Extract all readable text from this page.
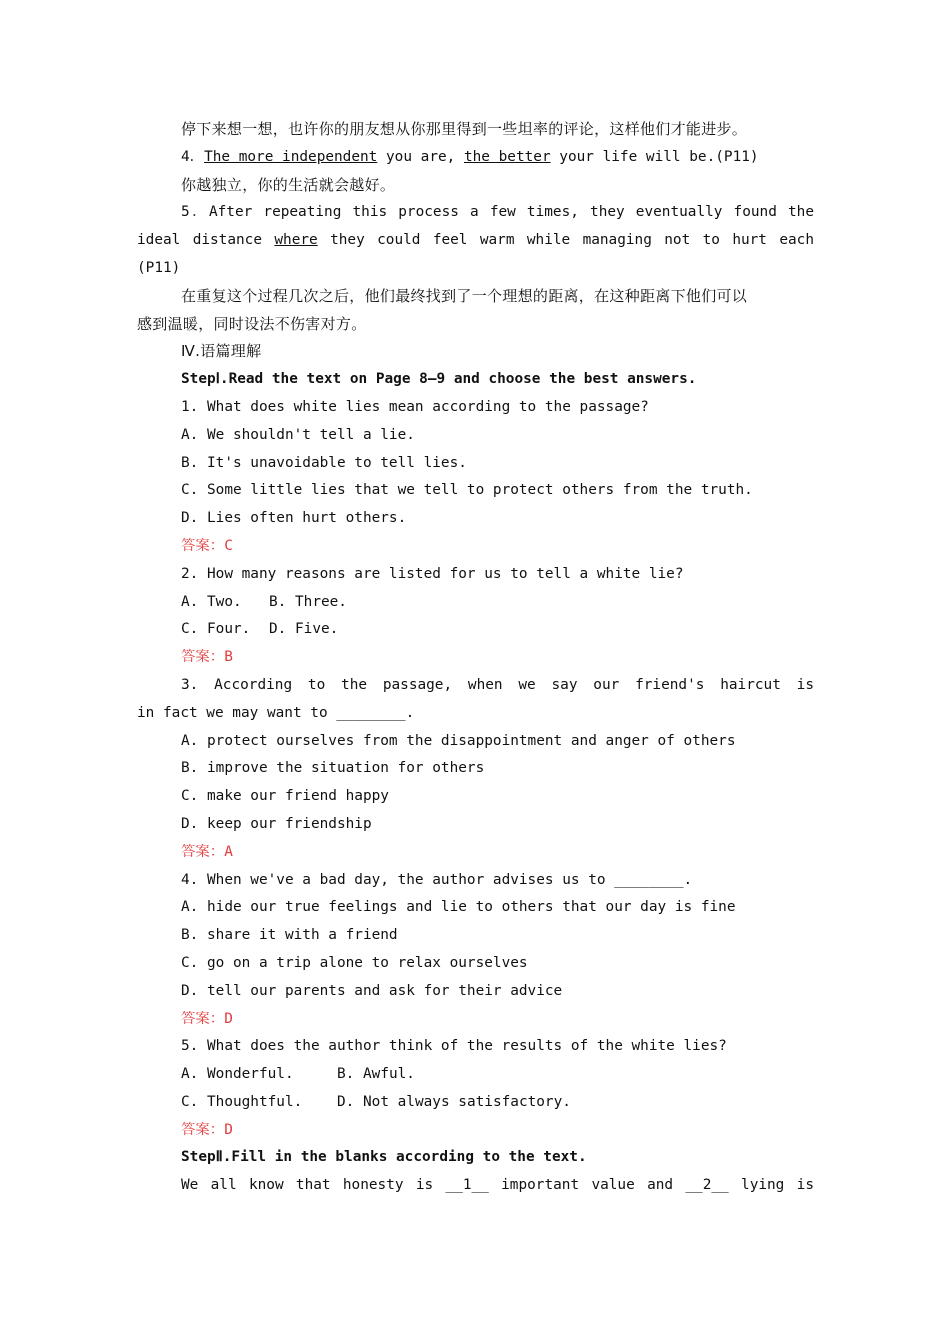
停下来想一想，也许你的朋友想从你那里得到一些坦率的评论，这样他们才能进步。
4．The more independent you are, the better your life will be.(P11)
你越独立，你的生活就会越好。
5．After repeating this process a few times, they eventually found the
ideal distance where they could feel warm while managing not to hurt each
(P11)
在重复这个过程几次之后，他们最终找到了一个理想的距离，在这种距离下他们可以
感到温暖，同时设法不伤害对方。
Ⅳ.语篇理解
StepⅠ.Read the text on Page 8—9 and choose the best answers.
1. What does white lies mean according to the passage?
A. We shouldn't tell a lie.
B. It's unavoidable to tell lies.
C. Some little lies that we tell to protect others from the truth.
D. Lies often hurt others.
答案：C
2. How many reasons are listed for us to tell a white lie?
A. Two. B. Three.
C. Four. D. Five.
答案：B
3. According to the passage, when we say our friend's haircut is
in fact we may want to ________.
A. protect ourselves from the disappointment and anger of others
B. improve the situation for others
C. make our friend happy
D. keep our friendship
答案：A
4. When we've a bad day, the author advises us to ________.
A. hide our true feelings and lie to others that our day is fine
B. share it with a friend
C. go on a trip alone to relax ourselves
D. tell our parents and ask for their advice
答案：D
5. What does the author think of the results of the white lies?
A. Wonderful.	B. Awful.
C. Thoughtful. D. Not always satisfactory.
答案：D
StepⅡ.Fill in the blanks according to the text.
We all know that honesty is __1__ important value and __2__ lying is
